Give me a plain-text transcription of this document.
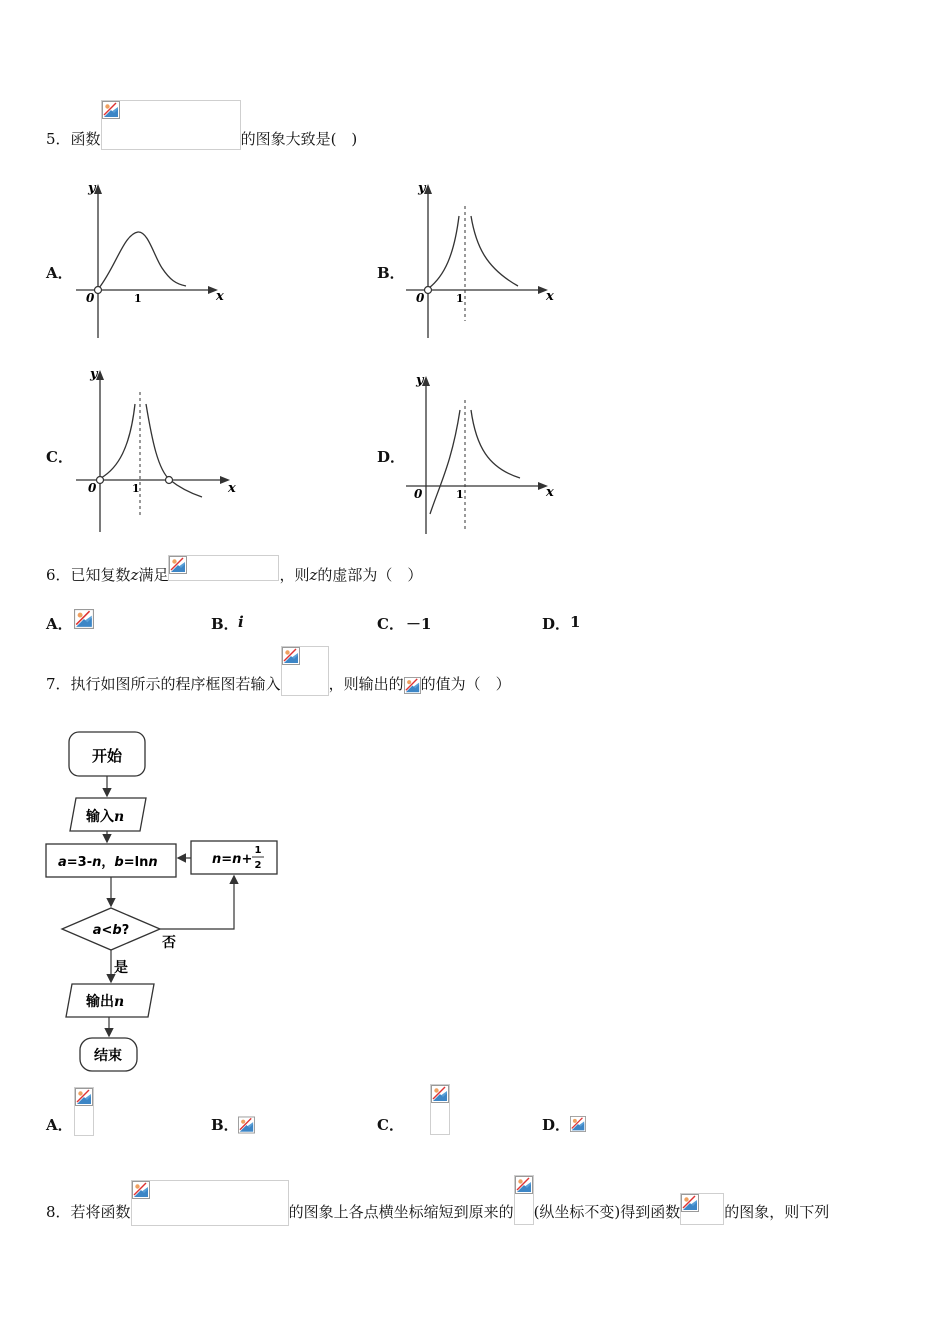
5． 函数	的图象大致是(　)
A．
y
x
0	1
B．
y
x
0	1
C．
y
x
0	1
D．
y
x
0	1
6． 已知复数 z 满足	，则 z 的虚部为（　）
A．	B． i	C． －1	D． 1
7． 执行如图所示的程序框图若输入	，则输出的 的值为（　）
开始
输入n
a=3-n，b=lnn	n=n+
1
2
a<b?
否
是
输出n
结束
A．
	B．	C．	D．
8． 若将函数	的图象上各点横坐标缩短到原来的 (纵坐标不变)得到函数	的图象，则下列
